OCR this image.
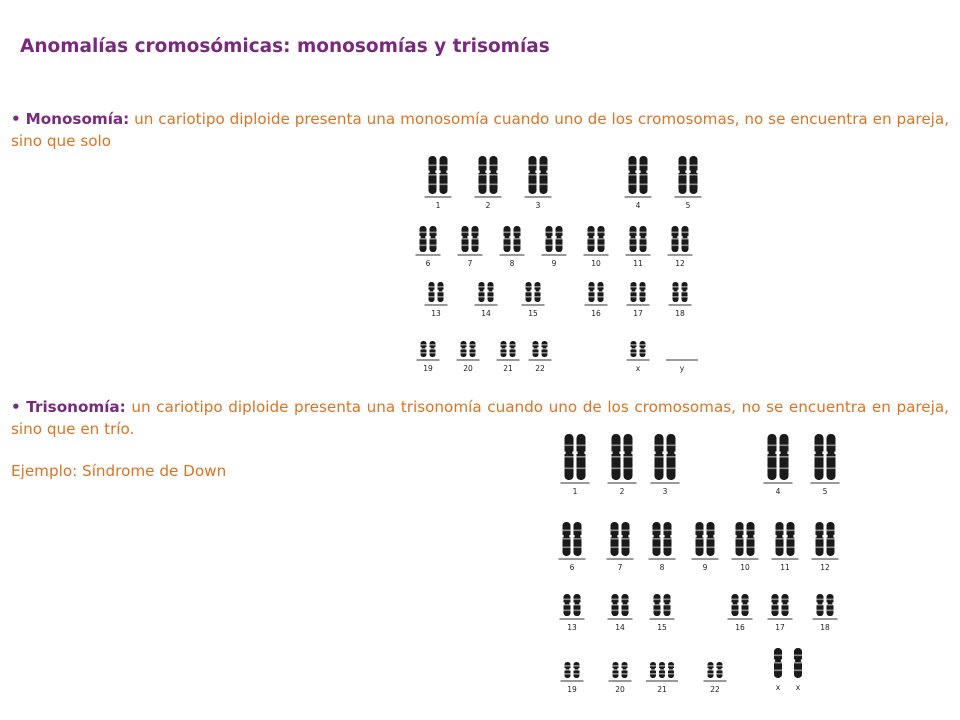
Anomalías cromosómicas: monosomías y trisomías
• Monosomía: un cariotipo diploide presenta una monosomía cuando uno de los cromosomas, no se encuentra en pareja, sino que solo
• Trisonomía: un cariotipo diploide presenta una trisonomía cuando uno de los cromosomas, no se encuentra en pareja, sino que en trío.
Ejemplo: Síndrome de Down
1	2	3	4	5
6	7	8	9	10	11	12
13	14	15	16	17	18
19	20	21	22	x	y
1	2	3	4	5
6	7	8	9	10	11	12
13	14	15	16	17	18
19	20	21	22	x x
